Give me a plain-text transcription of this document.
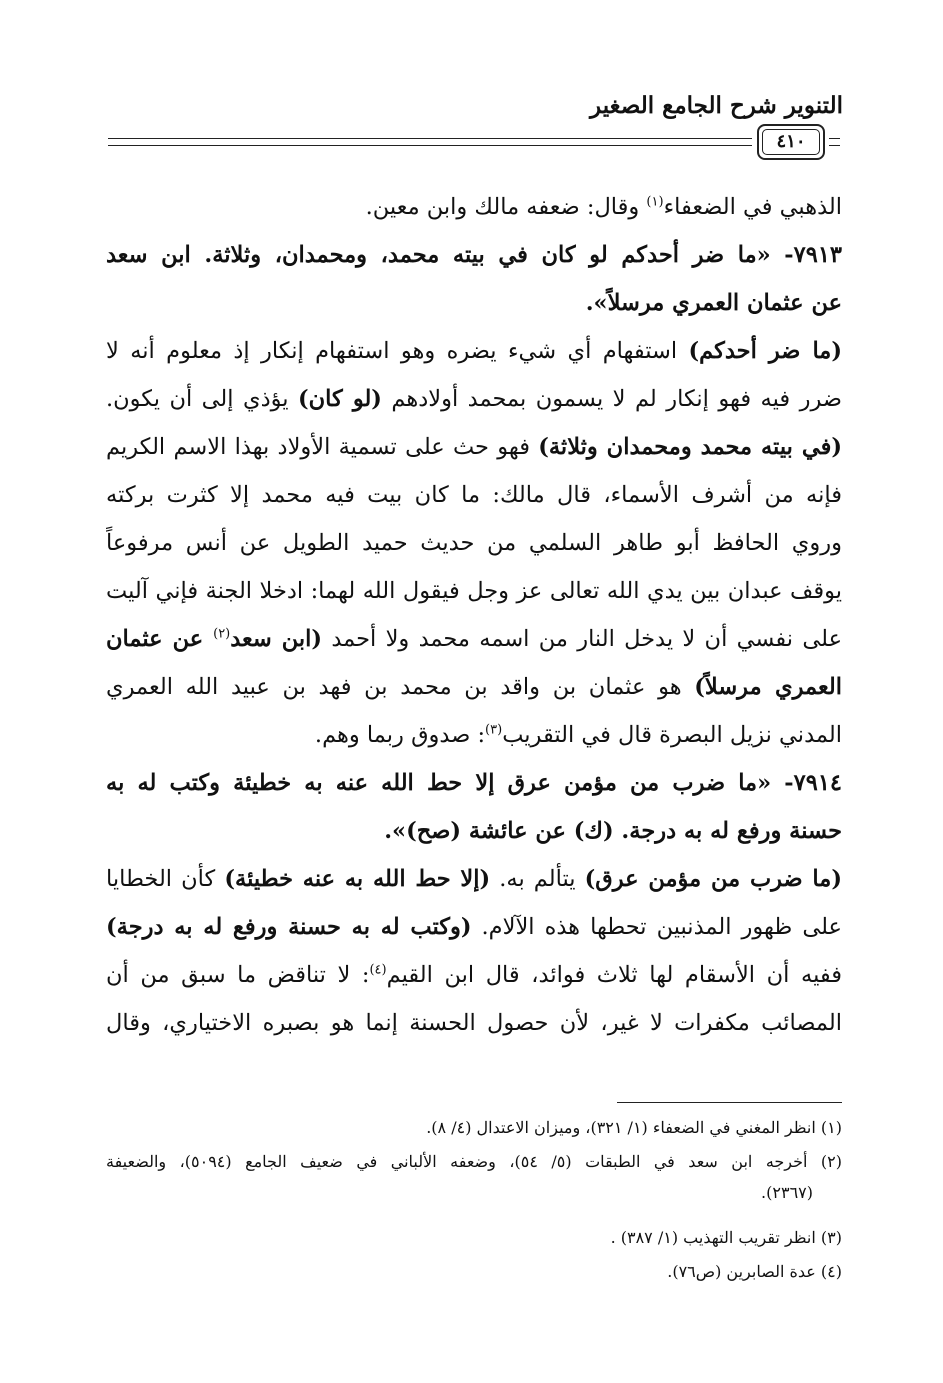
التنوير شرح الجامع الصغير
٤١٠
الذهبي في الضعفاء$^{(١)}$ وقال: ضعفه مالك وابن معين.
٧٩١٣- «ما ضر أحدكم لو كان في بيته محمد، ومحمدان، وثلاثة. ابن سعد
عن عثمان العمري مرسلاً».
(ما ضر أحدكم) استفهام أي شيء يضره وهو استفهام إنكار إذ معلوم أنه لا
ضرر فيه فهو إنكار لم لا يسمون بمحمد أولادهم (لو كان) يؤذي إلى أن يكون.
(في بيته محمد ومحمدان وثلاثة) فهو حث على تسمية الأولاد بهذا الاسم الكريم
فإنه من أشرف الأسماء، قال مالك: ما كان بيت فيه محمد إلا كثرت بركته
وروي الحافظ أبو طاهر السلمي من حديث حميد الطويل عن أنس مرفوعاً
يوقف عبدان بين يدي الله تعالى عز وجل فيقول الله لهما: ادخلا الجنة فإني آليت
على نفسي أن لا يدخل النار من اسمه محمد ولا أحمد (ابن سعد$^{(٢)}$ عن عثمان
العمري مرسلاً) هو عثمان بن واقد بن محمد بن فهد بن عبيد الله العمري
المدني نزيل البصرة قال في التقريب$^{(٣)}$: صدوق ربما وهم.
٧٩١٤- «ما ضرب من مؤمن عرق إلا حط الله عنه به خطيئة وكتب له به
حسنة ورفع له به درجة. (ك) عن عائشة (صح)».
(ما ضرب من مؤمن عرق) يتألم به. (إلا حط الله به عنه خطيئة) كأن الخطايا
على ظهور المذنبين تحطها هذه الآلام. (وكتب له به حسنة ورفع له به درجة)
ففيه أن الأسقام لها ثلاث فوائد، قال ابن القيم$^{(٤)}$: لا تناقض ما سبق من أن
المصائب مكفرات لا غير، لأن حصول الحسنة إنما هو بصبره الاختياري، وقال
(١) انظر المغني في الضعفاء (١/ ٣٢١)، وميزان الاعتدال (٤/ ٨).
(٢) أخرجه ابن سعد في الطبقات (٥/ ٥٤)، وضعفه الألباني في ضعيف الجامع (٥٠٩٤)، والضعيفة
(٢٣٦٧).
(٣) انظر تقريب التهذيب (١/ ٣٨٧) .
(٤) عدة الصابرين (ص٧٦).
